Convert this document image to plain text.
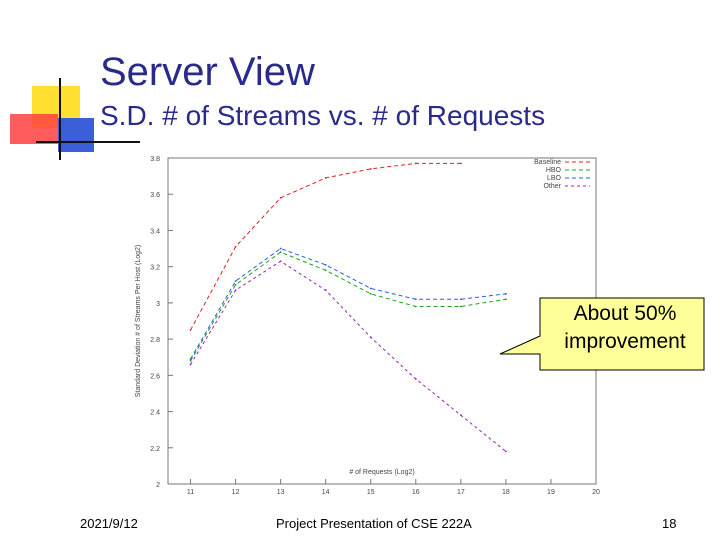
Server View
S.D. # of Streams vs. # of Requests
2
2.2
2.4
2.6
2.8
3
3.2
3.4
3.6
3.8
11	12	13	14	15	16	17	18	19	20
# of Requests (Log2)
Standard Deviation # of Streams Per Host (Log2)
Baseline
HBO
LBO
Other
About 50% improvement
2021/9/12	Project Presentation of CSE 222A	18
